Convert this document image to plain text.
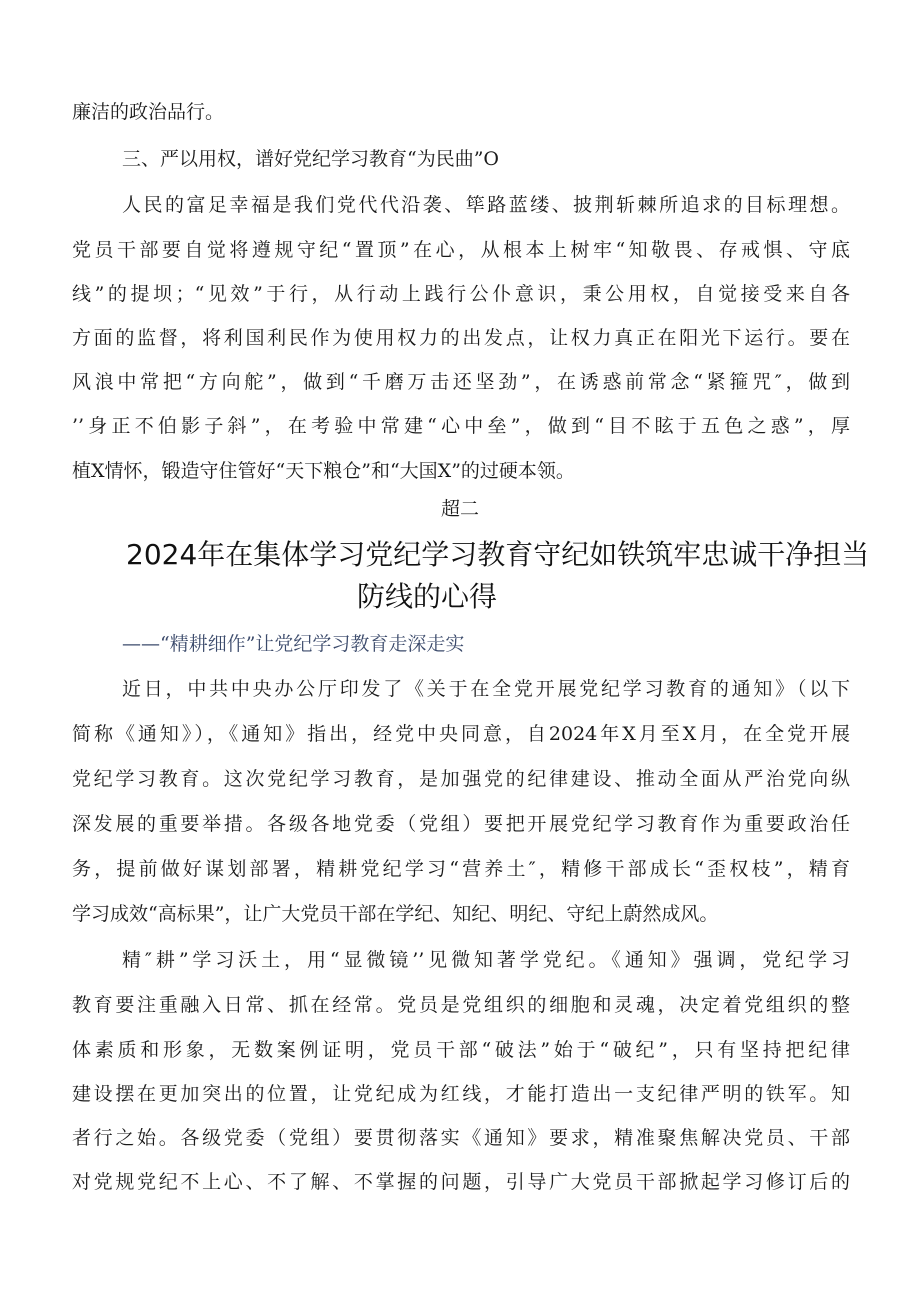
廉洁的政治品行。
三、严以用权，谱好党纪学习教育“为民曲”O
人民的富足幸福是我们党代代沿袭、筚路蓝缕、披荆斩棘所追求的目标理想。
党员干部要自觉将遵规守纪“置顶”在心，从根本上树牢“知敬畏、存戒惧、守底
线”的提坝；“见效”于行，从行动上践行公仆意识，秉公用权，自觉接受来自各
方面的监督，将利国利民作为使用权力的出发点，让权力真正在阳光下运行。要在
风浪中常把“方向舵”，做到“千磨万击还坚劲”，在诱惑前常念“紧箍咒″，做到
’’身正不伯影子斜”，在考验中常建“心中垒”，做到“目不眩于五色之惑”，厚
植X情怀，锻造守住管好“天下粮仓”和“大国X”的过硬本领。
超二
2024年在集体学习党纪学习教育守纪如铁筑牢忠诚干净担当
防线的心得
——“精耕细作”让党纪学习教育走深走实
近日，中共中央办公厅印发了《关于在全党开展党纪学习教育的通知》（以下
简称《通知》），《通知》指出，经党中央同意，自2024年X月至X月，在全党开展
党纪学习教育。这次党纪学习教育，是加强党的纪律建设、推动全面从严治党向纵
深发展的重要举措。各级各地党委（党组）要把开展党纪学习教育作为重要政治任
务，提前做好谋划部署，精耕党纪学习“营养土″，精修干部成长“歪权枝”，精育
学习成效“高标果”，让广大党员干部在学纪、知纪、明纪、守纪上蔚然成风。
精″耕”学习沃土，用“显微镜’’见微知著学党纪。《通知》强调，党纪学习
教育要注重融入日常、抓在经常。党员是党组织的细胞和灵魂，决定着党组织的整
体素质和形象，无数案例证明，党员干部“破法”始于“破纪”，只有坚持把纪律
建设摆在更加突出的位置，让党纪成为红线，才能打造出一支纪律严明的铁军。知
者行之始。各级党委（党组）要贯彻落实《通知》要求，精准聚焦解决党员、干部
对党规党纪不上心、不了解、不掌握的问题，引导广大党员干部掀起学习修订后的
